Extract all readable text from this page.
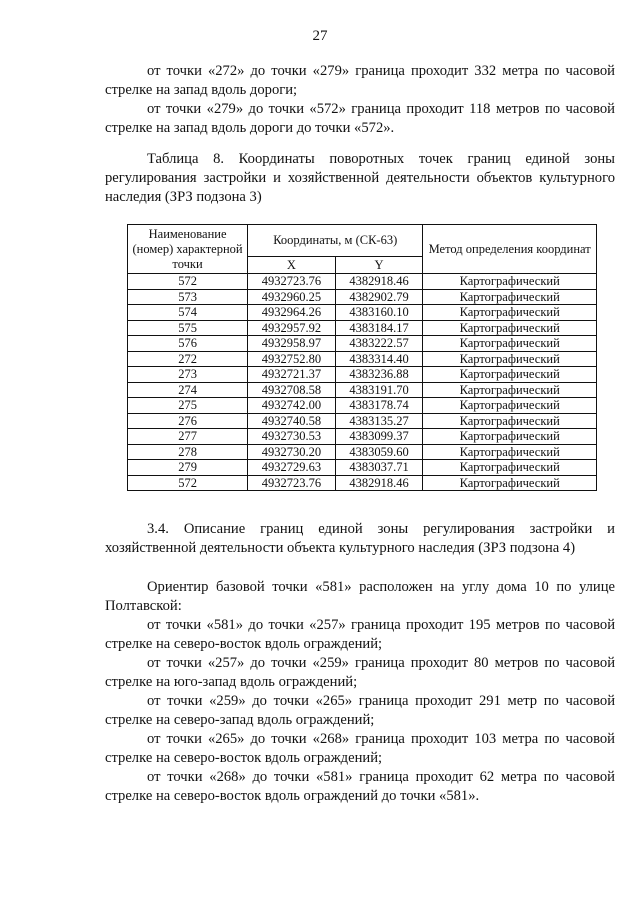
27

от точки «272» до точки «279» граница проходит 332 метра по часовой стрелке на запад вдоль дороги;

от точки «279» до точки «572» граница проходит 118 метров по часовой стрелке на запад вдоль дороги до точки «572».

Таблица 8. Координаты поворотных точек границ единой зоны регулирования застройки и хозяйственной деятельности объектов культурного наследия (ЗРЗ подзона 3)

Наименование (номер) характерной точки	Координаты, м (СК-63)		Метод определения координат
	X	Y	
572	4932723.76	4382918.46	Картографический
573	4932960.25	4382902.79	Картографический
574	4932964.26	4383160.10	Картографический
575	4932957.92	4383184.17	Картографический
576	4932958.97	4383222.57	Картографический
272	4932752.80	4383314.40	Картографический
273	4932721.37	4383236.88	Картографический
274	4932708.58	4383191.70	Картографический
275	4932742.00	4383178.74	Картографический
276	4932740.58	4383135.27	Картографический
277	4932730.53	4383099.37	Картографический
278	4932730.20	4383059.60	Картографический
279	4932729.63	4383037.71	Картографический
572	4932723.76	4382918.46	Картографический

3.4. Описание границ единой зоны регулирования застройки и хозяйственной деятельности объекта культурного наследия (ЗРЗ подзона 4)

Ориентир базовой точки «581» расположен на углу дома 10 по улице Полтавской:

от точки «581» до точки «257» граница проходит 195 метров по часовой стрелке на северо-восток вдоль ограждений;

от точки «257» до точки «259» граница проходит 80 метров по часовой стрелке на юго-запад вдоль ограждений;

от точки «259» до точки «265» граница проходит 291 метр по часовой стрелке на северо-запад вдоль ограждений;

от точки «265» до точки «268» граница проходит 103 метра по часовой стрелке на северо-восток вдоль ограждений;

от точки «268» до точки «581» граница проходит 62 метра по часовой стрелке на северо-восток вдоль ограждений до точки «581».
